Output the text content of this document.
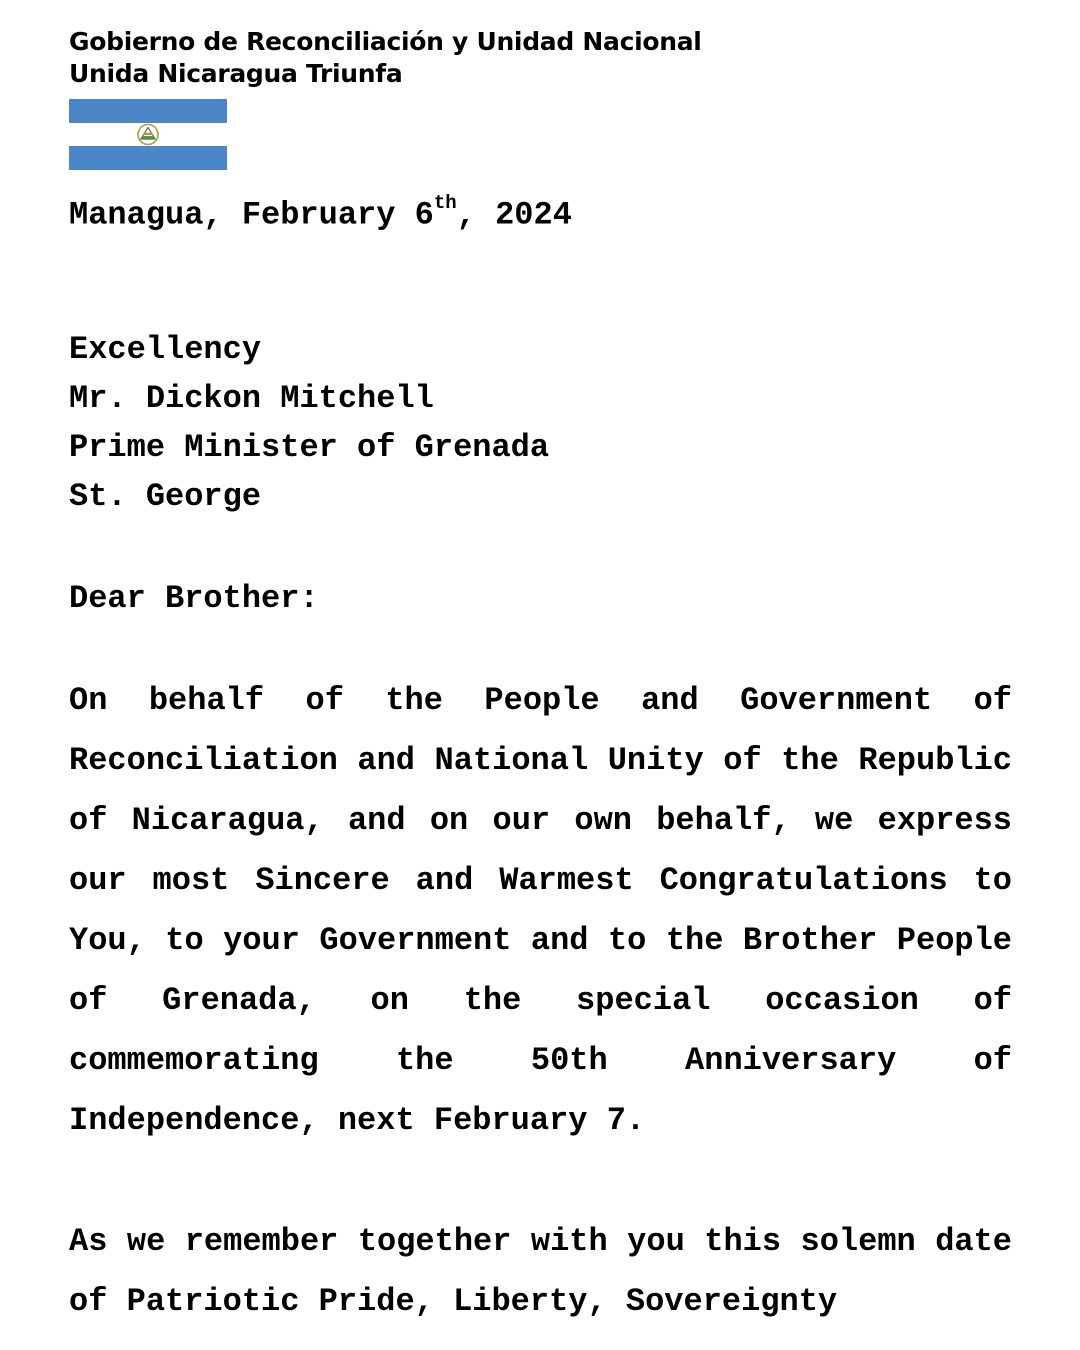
Gobierno de Reconciliación y Unidad Nacional
Unida Nicaragua Triunfa
Managua, February 6th, 2024
Excellency
Mr. Dickon Mitchell
Prime Minister of Grenada
St. George
Dear Brother:

On behalf of the People and Government of Reconciliation and National Unity of the Republic of Nicaragua, and on our own behalf, we express our most Sincere and Warmest Congratulations to You, to your Government and to the Brother People of Grenada, on the special occasion of commemorating the 50th Anniversary of Independence, next February 7.

As we remember together with you this solemn date of Patriotic Pride, Liberty, Sovereignty
